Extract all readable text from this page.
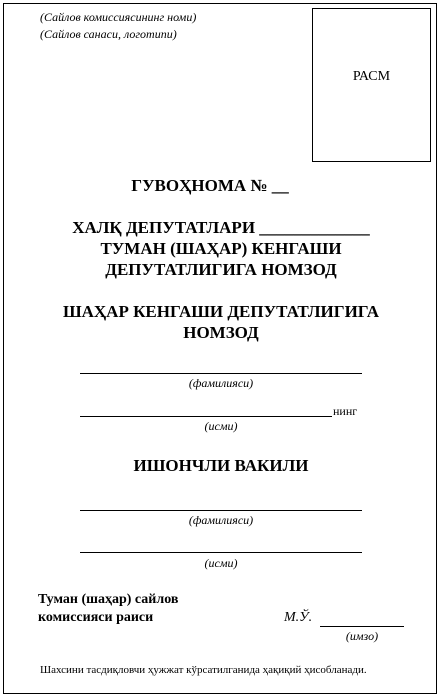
(Сайлов комиссиясининг номи)
(Сайлов санаси, логотипи)
РАСМ
ГУВОҲНОМА № __
ХАЛҚ ДЕПУТАТЛАРИ _____________
ТУМАН (ШАҲАР) КЕНГАШИ
ДЕПУТАТЛИГИГА НОМЗОД
ШАҲАР КЕНГАШИ ДЕПУТАТЛИГИГА
НОМЗОД
(фамилияси)
нинг
(исми)
ИШОНЧЛИ ВАКИЛИ
(фамилияси)
(исми)
Туман (шаҳар) сайлов
комиссияси раиси	М.Ў.
(имзо)
Шахсини тасдиқловчи ҳужжат кўрсатилганида ҳақиқий ҳисобланади.
